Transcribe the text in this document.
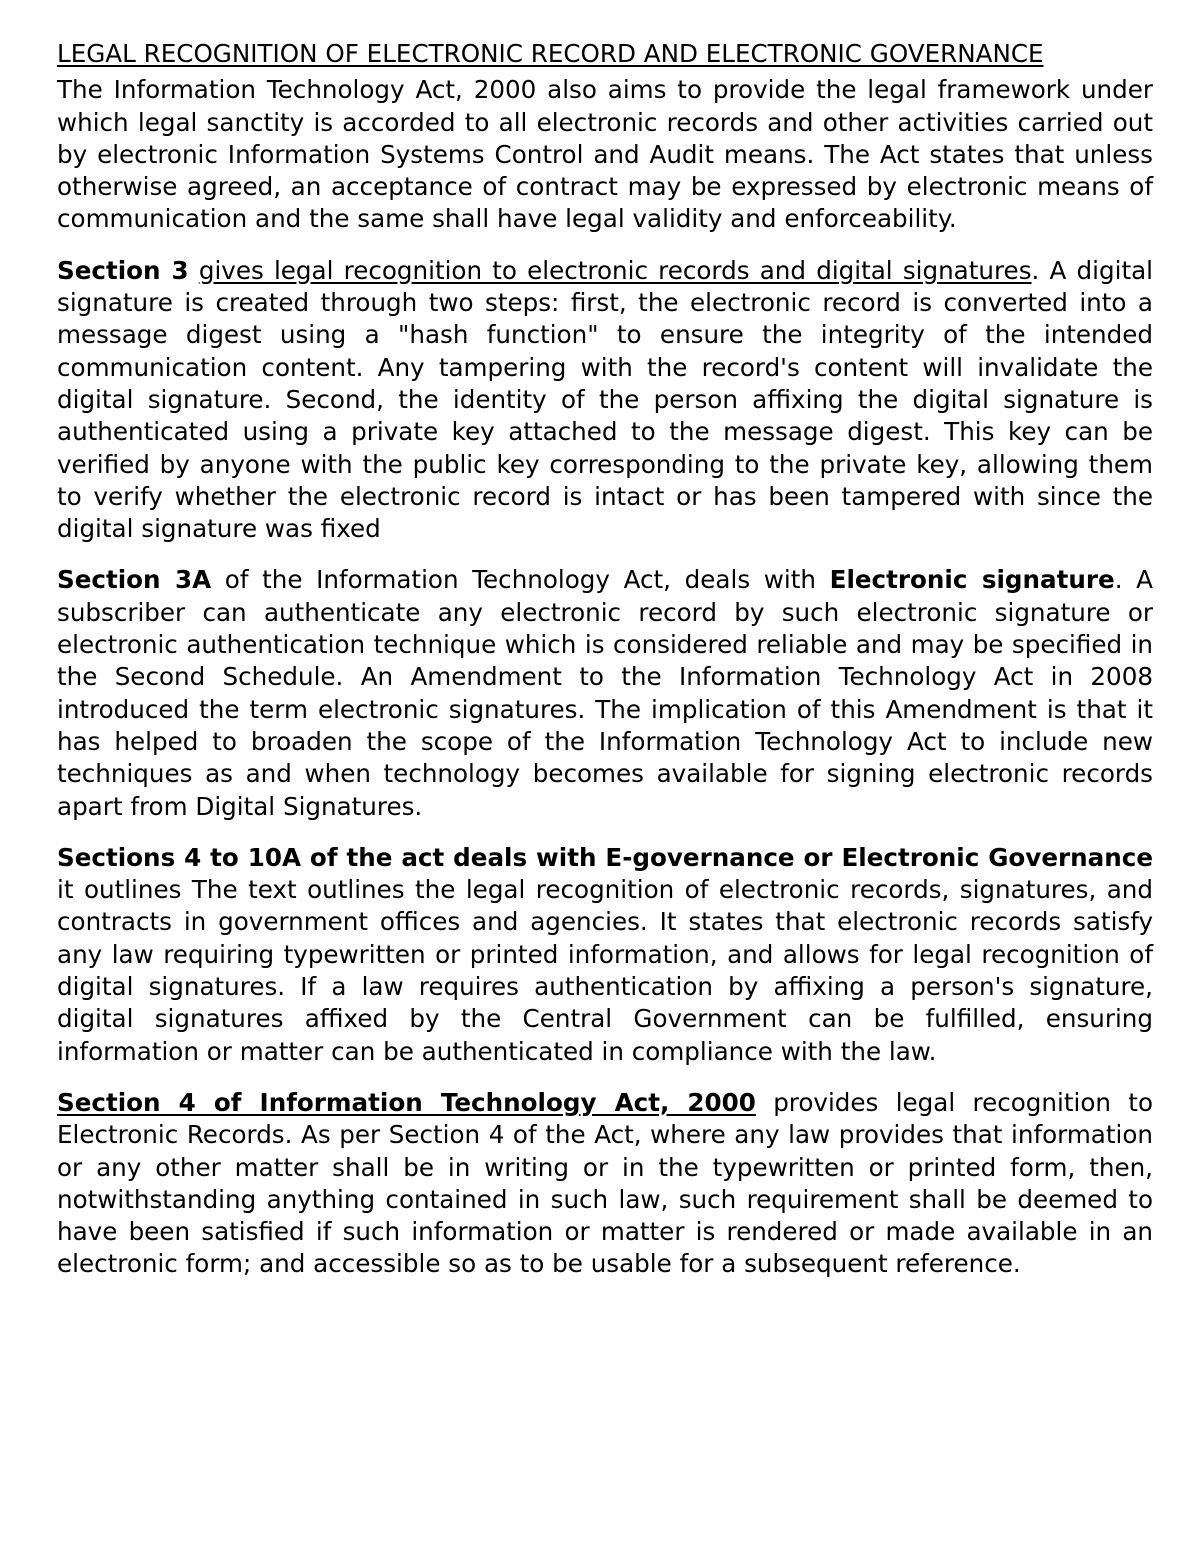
LEGAL RECOGNITION OF ELECTRONIC RECORD AND ELECTRONIC GOVERNANCE

The Information Technology Act, 2000 also aims to provide the legal framework under which legal sanctity is accorded to all electronic records and other activities carried out by electronic Information Systems Control and Audit means. The Act states that unless otherwise agreed, an acceptance of contract may be expressed by electronic means of communication and the same shall have legal validity and enforceability.

Section 3 gives legal recognition to electronic records and digital signatures. A digital signature is created through two steps: first, the electronic record is converted into a message digest using a "hash function" to ensure the integrity of the intended communication content. Any tampering with the record's content will invalidate the digital signature. Second, the identity of the person affixing the digital signature is authenticated using a private key attached to the message digest. This key can be verified by anyone with the public key corresponding to the private key, allowing them to verify whether the electronic record is intact or has been tampered with since the digital signature was fixed

Section 3A of the Information Technology Act, deals with Electronic signature. A subscriber can authenticate any electronic record by such electronic signature or electronic authentication technique which is considered reliable and may be specified in the Second Schedule. An Amendment to the Information Technology Act in 2008 introduced the term electronic signatures. The implication of this Amendment is that it has helped to broaden the scope of the Information Technology Act to include new techniques as and when technology becomes available for signing electronic records apart from Digital Signatures.

Sections 4 to 10A of the act deals with E-governance or Electronic Governance it outlines The text outlines the legal recognition of electronic records, signatures, and contracts in government offices and agencies. It states that electronic records satisfy any law requiring typewritten or printed information, and allows for legal recognition of digital signatures. If a law requires authentication by affixing a person's signature, digital signatures affixed by the Central Government can be fulfilled, ensuring information or matter can be authenticated in compliance with the law.

Section 4 of Information Technology Act, 2000 provides legal recognition to Electronic Records. As per Section 4 of the Act, where any law provides that information or any other matter shall be in writing or in the typewritten or printed form, then, notwithstanding anything contained in such law, such requirement shall be deemed to have been satisfied if such information or matter is rendered or made available in an electronic form; and accessible so as to be usable for a subsequent reference.
